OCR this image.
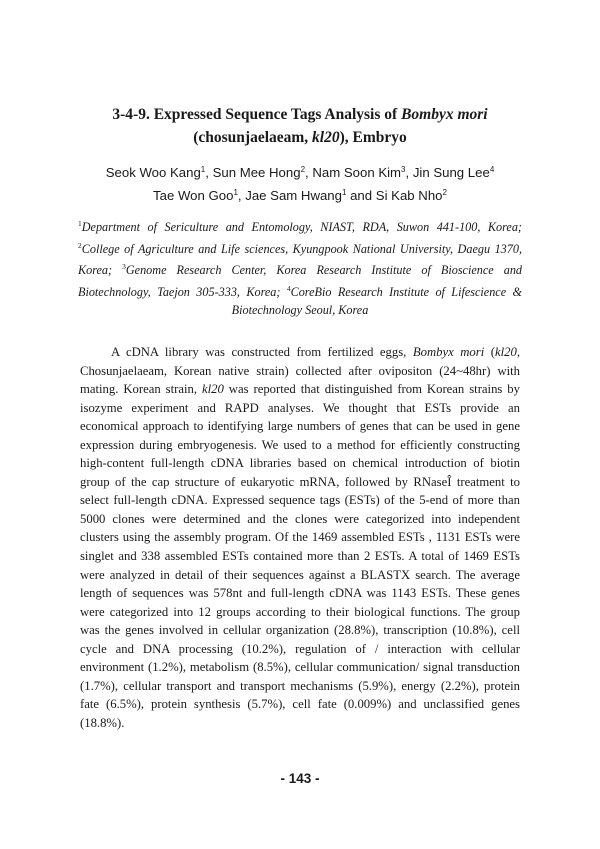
3-4-9. Expressed Sequence Tags Analysis of Bombyx mori
(chosunjaelaeam, kl20), Embryo
Seok Woo Kang$^1$, Sun Mee Hong$^2$, Nam Soon Kim$^3$, Jin Sung Lee$^4$
Tae Won Goo$^1$, Jae Sam Hwang$^1$ and Si Kab Nho$^2$
$^1$Department of Sericulture and Entomology, NIAST, RDA, Suwon 441-100, Korea; $^2$College of Agriculture and Life sciences, Kyungpook National University, Daegu 1370, Korea; $^3$Genome Research Center, Korea Research Institute of Bioscience and Biotechnology, Taejon 305-333, Korea; $^4$CoreBio Research Institute of Lifescience & Biotechnology Seoul, Korea

A cDNA library was constructed from fertilized eggs, Bombyx mori (kl20, Chosunjaelaeam, Korean native strain) collected after ovipositon (24~48hr) with mating. Korean strain, kl20 was reported that distinguished from Korean strains by isozyme experiment and RAPD analyses. We thought that ESTs provide an economical approach to identifying large numbers of genes that can be used in gene expression during embryogenesis. We used to a method for efficiently constructing high-content full-length cDNA libraries based on chemical introduction of biotin group of the cap structure of eukaryotic mRNA, followed by RNaseÎ treatment to select full-length cDNA. Expressed sequence tags (ESTs) of the 5-end of more than 5000 clones were determined and the clones were categorized into independent clusters using the assembly program. Of the 1469 assembled ESTs , 1131 ESTs were singlet and 338 assembled ESTs contained more than 2 ESTs. A total of 1469 ESTs were analyzed in detail of their sequences against a BLASTX search. The average length of sequences was 578nt and full-length cDNA was 1143 ESTs. These genes were categorized into 12 groups according to their biological functions. The group was the genes involved in cellular organization (28.8%), transcription (10.8%), cell cycle and DNA processing (10.2%), regulation of / interaction with cellular environment (1.2%), metabolism (8.5%), cellular communication/ signal transduction (1.7%), cellular transport and transport mechanisms (5.9%), energy (2.2%), protein fate (6.5%), protein synthesis (5.7%), cell fate (0.009%) and unclassified genes (18.8%).

- 143 -
